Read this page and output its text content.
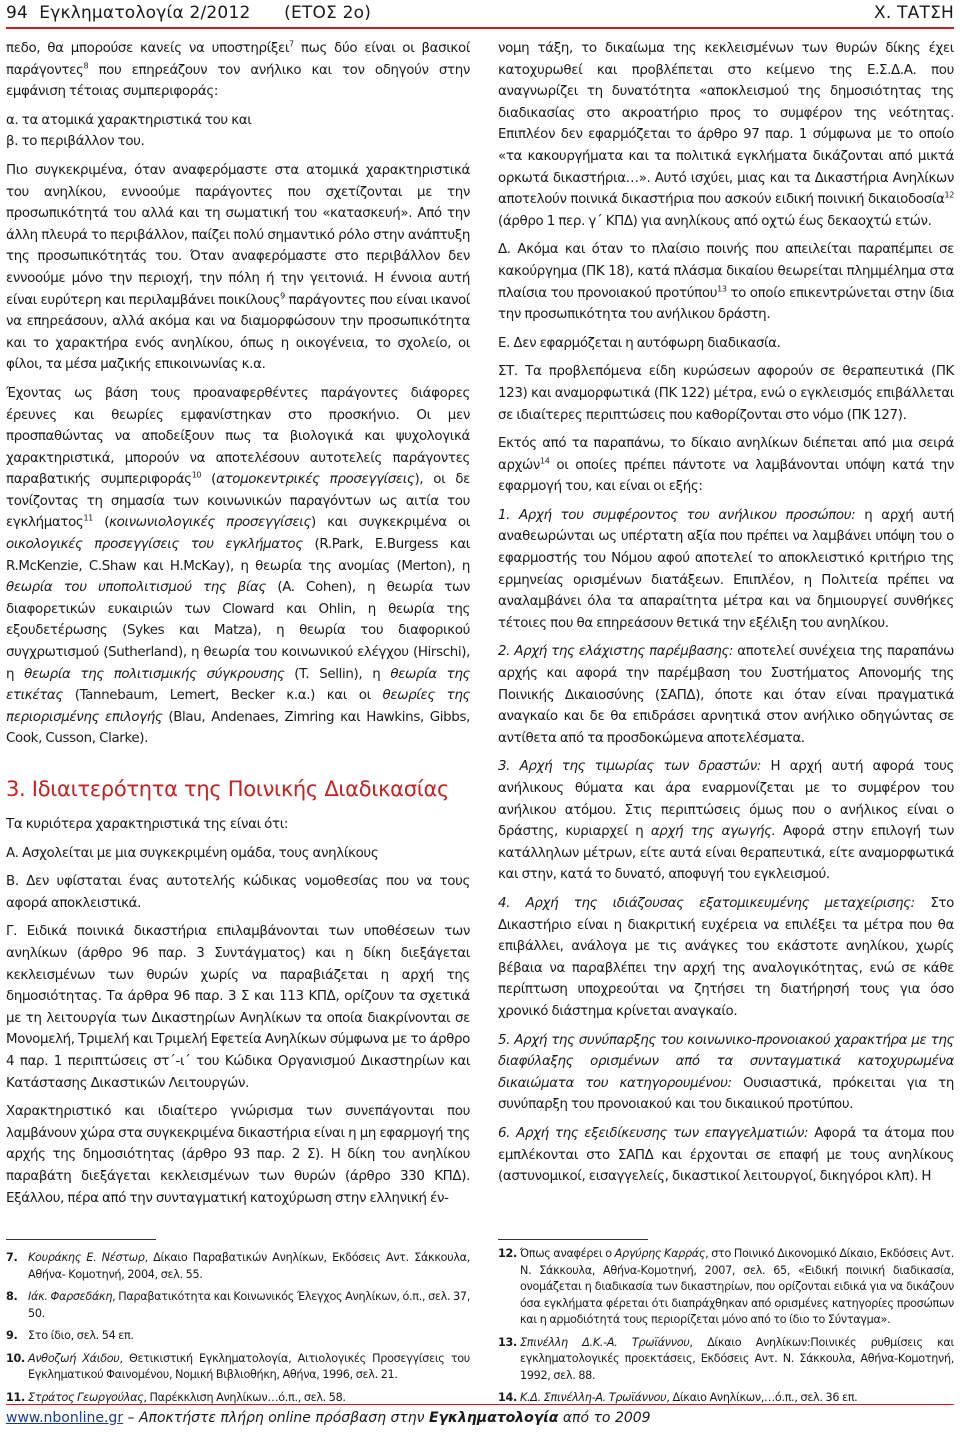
94
Εγκληματολογία 2/2012
(ΕΤΟΣ 2ο)	Χ. ΤΑΤΣΗ

πεδο, θα μπορούσε κανείς να υποστηρίξει$^7$ πως δύο είναι οι βασικοί παράγοντες$^8$ που επηρεάζουν τον ανήλικο και τον οδηγούν στην εμφάνιση τέτοιας συμπεριφοράς:

α. τα ατομικά χαρακτηριστικά του και

β. το περιβάλλον του.

Πιο συγκεκριμένα, όταν αναφερόμαστε στα ατομικά χαρακτηριστικά του ανηλίκου, εννοούμε παράγοντες που σχετίζονται με την προσωπικότητά του αλλά και τη σωματική του «κατασκευή». Από την άλλη πλευρά το περιβάλλον, παίζει πολύ σημαντικό ρόλο στην ανάπτυξη της προσωπικότητάς του. Όταν αναφερόμαστε στο περιβάλλον δεν εννοούμε μόνο την περιοχή, την πόλη ή την γειτονιά. Η έννοια αυτή είναι ευρύτερη και περιλαμβάνει ποικίλους$^9$ παράγοντες που είναι ικανοί να επηρεάσουν, αλλά ακόμα και να διαμορφώσουν την προσωπικότητα και το χαρακτήρα ενός ανηλίκου, όπως η οικογένεια, το σχολείο, οι φίλοι, τα μέσα μαζικής επικοινωνίας κ.α.

Έχοντας ως βάση τους προαναφερθέντες παράγοντες διάφορες έρευνες και θεωρίες εμφανίστηκαν στο προσκήνιο. Οι μεν προσπαθώντας να αποδείξουν πως τα βιολογικά και ψυχολογικά χαρακτηριστικά, μπορούν να αποτελέσουν αυτοτελείς παράγοντες παραβατικής συμπεριφοράς$^{10}$ (ατομοκεντρικές προσεγγίσεις), οι δε τονίζοντας τη σημασία των κοινωνικών παραγόντων ως αιτία του εγκλήματος$^{11}$ (κοινωνιολογικές προσεγγίσεις) και συγκεκριμένα οι οικολογικές προσεγγίσεις του εγκλήματος (R.Park, E.Burgess και R.McKenzie, C.Shaw και H.McKay), η θεωρία της ανομίας (Merton), η θεωρία του υποπολιτισμού της βίας (A. Cohen), η θεωρία των διαφορετικών ευκαιριών των Cloward και Ohlin, η θεωρία της εξουδετέρωσης (Sykes και Matza), η θεωρία του διαφορικού συγχρωτισμού (Sutherland), η θεωρία του κοινωνικού ελέγχου (Hirschi), η θεωρία της πολιτισμικής σύγκρουσης (T. Sellin), η θεωρία της ετικέτας (Tannebaum, Lemert, Becker κ.α.) και οι θεωρίες της περιορισμένης επιλογής (Blau, Andenaes, Zimring και Hawkins, Gibbs, Cook, Cusson, Clarke).

3. Ιδιαιτερότητα της Ποινικής Διαδικασίας

Τα κυριότερα χαρακτηριστικά της είναι ότι:

Α. Ασχολείται με μια συγκεκριμένη ομάδα, τους ανηλίκους

Β. Δεν υφίσταται ένας αυτοτελής κώδικας νομοθεσίας που να τους αφορά αποκλειστικά.

Γ. Ειδικά ποινικά δικαστήρια επιλαμβάνονται των υποθέσεων των ανηλίκων (άρθρο 96 παρ. 3 Συντάγματος) και η δίκη διεξάγεται κεκλεισμένων των θυρών χωρίς να παραβιάζεται η αρχή της δημοσιότητας. Τα άρθρα 96 παρ. 3 Σ και 113 ΚΠΔ, ορίζουν τα σχετικά με τη λειτουργία των Δικαστηρίων Ανηλίκων τα οποία διακρίνονται σε Μονομελή, Τριμελή και Τριμελή Εφετεία Ανηλίκων σύμφωνα με το άρθρο 4 παρ. 1 περιπτώσεις στ΄-ι΄ του Κώδικα Οργανισμού Δικαστηρίων και Κατάστασης Δικαστικών Λειτουργών.

Χαρακτηριστικό και ιδιαίτερο γνώρισμα των συνεπάγονται που λαμβάνουν χώρα στα συγκεκριμένα δικαστήρια είναι η μη εφαρμογή της αρχής της δημοσιότητας (άρθρο 93 παρ. 2 Σ). Η δίκη του ανηλίκου παραβάτη διεξάγεται κεκλεισμένων των θυρών (άρθρο 330 ΚΠΔ). Εξάλλου, πέρα από την συνταγματική κατοχύρωση στην ελληνική έν-

νομη τάξη, το δικαίωμα της κεκλεισμένων των θυρών δίκης έχει κατοχυρωθεί και προβλέπεται στο κείμενο της Ε.Σ.Δ.Α. που αναγνωρίζει τη δυνατότητα «αποκλεισμού της δημοσιότητας της διαδικασίας στο ακροατήριο προς το συμφέρον της νεότητας. Επιπλέον δεν εφαρμόζεται το άρθρο 97 παρ. 1 σύμφωνα με το οποίο «τα κακουργήματα και τα πολιτικά εγκλήματα δικάζονται από μικτά ορκωτά δικαστήρια…». Αυτό ισχύει, μιας και τα Δικαστήρια Ανηλίκων αποτελούν ποινικά δικαστήρια που ασκούν ειδική ποινική δικαιοδοσία$^{12}$ (άρθρο 1 περ. γ΄ ΚΠΔ) για ανηλίκους από οχτώ έως δεκαοχτώ ετών.

Δ. Ακόμα και όταν το πλαίσιο ποινής που απειλείται παραπέμπει σε κακούργημα (ΠΚ 18), κατά πλάσμα δικαίου θεωρείται πλημμέλημα στα πλαίσια του προνοιακού προτύπου$^{13}$ το οποίο επικεντρώνεται στην ίδια την προσωπικότητα του ανήλικου δράστη.

Ε. Δεν εφαρμόζεται η αυτόφωρη διαδικασία.

ΣΤ. Τα προβλεπόμενα είδη κυρώσεων αφορούν σε θεραπευτικά (ΠΚ 123) και αναμορφωτικά (ΠΚ 122) μέτρα, ενώ ο εγκλεισμός επιβάλλεται σε ιδιαίτερες περιπτώσεις που καθορίζονται στο νόμο (ΠΚ 127).

Εκτός από τα παραπάνω, το δίκαιο ανηλίκων διέπεται από μια σειρά αρχών$^{14}$ οι οποίες πρέπει πάντοτε να λαμβάνονται υπόψη κατά την εφαρμογή του, και είναι οι εξής:

1. Αρχή του συμφέροντος του ανήλικου προσώπου: η αρχή αυτή αναθεωρώνται ως υπέρτατη αξία που πρέπει να λαμβάνει υπόψη του ο εφαρμοστής του Νόμου αφού αποτελεί το αποκλειστικό κριτήριο της ερμηνείας ορισμένων διατάξεων. Επιπλέον, η Πολιτεία πρέπει να αναλαμβάνει όλα τα απαραίτητα μέτρα και να δημιουργεί συνθήκες τέτοιες που θα επηρεάσουν θετικά την εξέλιξη του ανηλίκου.

2. Αρχή της ελάχιστης παρέμβασης: αποτελεί συνέχεια της παραπάνω αρχής και αφορά την παρέμβαση του Συστήματος Απονομής της Ποινικής Δικαιοσύνης (ΣΑΠΔ), όποτε και όταν είναι πραγματικά αναγκαίο και δε θα επιδράσει αρνητικά στον ανήλικο οδηγώντας σε αντίθετα από τα προσδοκώμενα αποτελέσματα.

3. Αρχή της τιμωρίας των δραστών: Η αρχή αυτή αφορά τους ανήλικους θύματα και άρα εναρμονίζεται με το συμφέρον του ανήλικου ατόμου. Στις περιπτώσεις όμως που ο ανήλικος είναι ο δράστης, κυριαρχεί η αρχή της αγωγής. Αφορά στην επιλογή των κατάλληλων μέτρων, είτε αυτά είναι θεραπευτικά, είτε αναμορφωτικά και στην, κατά το δυνατό, αποφυγή του εγκλεισμού.

4. Αρχή της ιδιάζουσας εξατομικευμένης μεταχείρισης: Στο Δικαστήριο είναι η διακριτική ευχέρεια να επιλέξει τα μέτρα που θα επιβάλλει, ανάλογα με τις ανάγκες του εκάστοτε ανηλίκου, χωρίς βέβαια να παραβλέπει την αρχή της αναλογικότητας, ενώ σε κάθε περίπτωση υποχρεούται να ζητήσει τη διατήρησή τους για όσο χρονικό διάστημα κρίνεται αναγκαίο.

5. Αρχή της συνύπαρξης του κοινωνικο-προνοιακού χαρακτήρα με της διαφύλαξης ορισμένων από τα συνταγματικά κατοχυρωμένα δικαιώματα του κατηγορουμένου: Ουσιαστικά, πρόκειται για τη συνύπαρξη του προνοιακού και του δικαιικού προτύπου.

6. Αρχή της εξειδίκευσης των επαγγελματιών: Αφορά τα άτομα που εμπλέκονται στο ΣΑΠΔ και έρχονται σε επαφή με τους ανηλίκους (αστυνομικοί, εισαγγελείς, δικαστικοί λειτουργοί, δικηγόροι κλπ). Η

7. Κουράκης Ε. Νέστωρ, Δίκαιο Παραβατικών Ανηλίκων, Εκδόσεις Αντ. Σάκκουλα, Αθήνα- Κομοτηνή, 2004, σελ. 55.
8. Ιάκ. Φαρσεδάκη, Παραβατικότητα και Κοινωνικός Έλεγχος Ανηλίκων, ό.π., σελ. 37, 50.
9. Στο ίδιο, σελ. 54 επ.
10. Ανθοζωή Χάιδου, Θετικιστική Εγκληματολογία, Αιτιολογικές Προσεγγίσεις του Εγκληματικού Φαινομένου, Νομική Βιβλιοθήκη, Αθήνα, 1996, σελ. 21.
11. Στράτος Γεωργούλας, Παρέκκλιση Ανηλίκων…ό.π., σελ. 58.
12. Όπως αναφέρει ο Αργύρης Καρράς, στο Ποινικό Δικονομικό Δίκαιο, Εκδόσεις Αντ. Ν. Σάκκουλα, Αθήνα-Κομοτηνή, 2007, σελ. 65, «Ειδική ποινική διαδικασία, ονομάζεται η διαδικασία των δικαστηρίων, που ορίζονται ειδικά για να δικάζουν όσα εγκλήματα φέρεται ότι διαπράχθηκαν από ορισμένες κατηγορίες προσώπων και η αρμοδιότητά τους περιορίζεται μόνο από το ίδιο το Σύνταγμα».
13. Σπινέλλη Δ.Κ.-Α. Τρωϊάννου, Δίκαιο Ανηλίκων:Ποινικές ρυθμίσεις και εγκληματολογικές προεκτάσεις, Εκδόσεις Αντ. Ν. Σάκκουλα, Αθήνα-Κομοτηνή, 1992, σελ. 88.
14. Κ.Δ. Σπινέλλη-Α. Τρωϊάννου, Δίκαιο Ανηλίκων,…ό.π., σελ. 36 επ.
www.nbonline.gr – Αποκτήστε πλήρη online πρόσβαση στην Εγκληματολογία από το 2009
